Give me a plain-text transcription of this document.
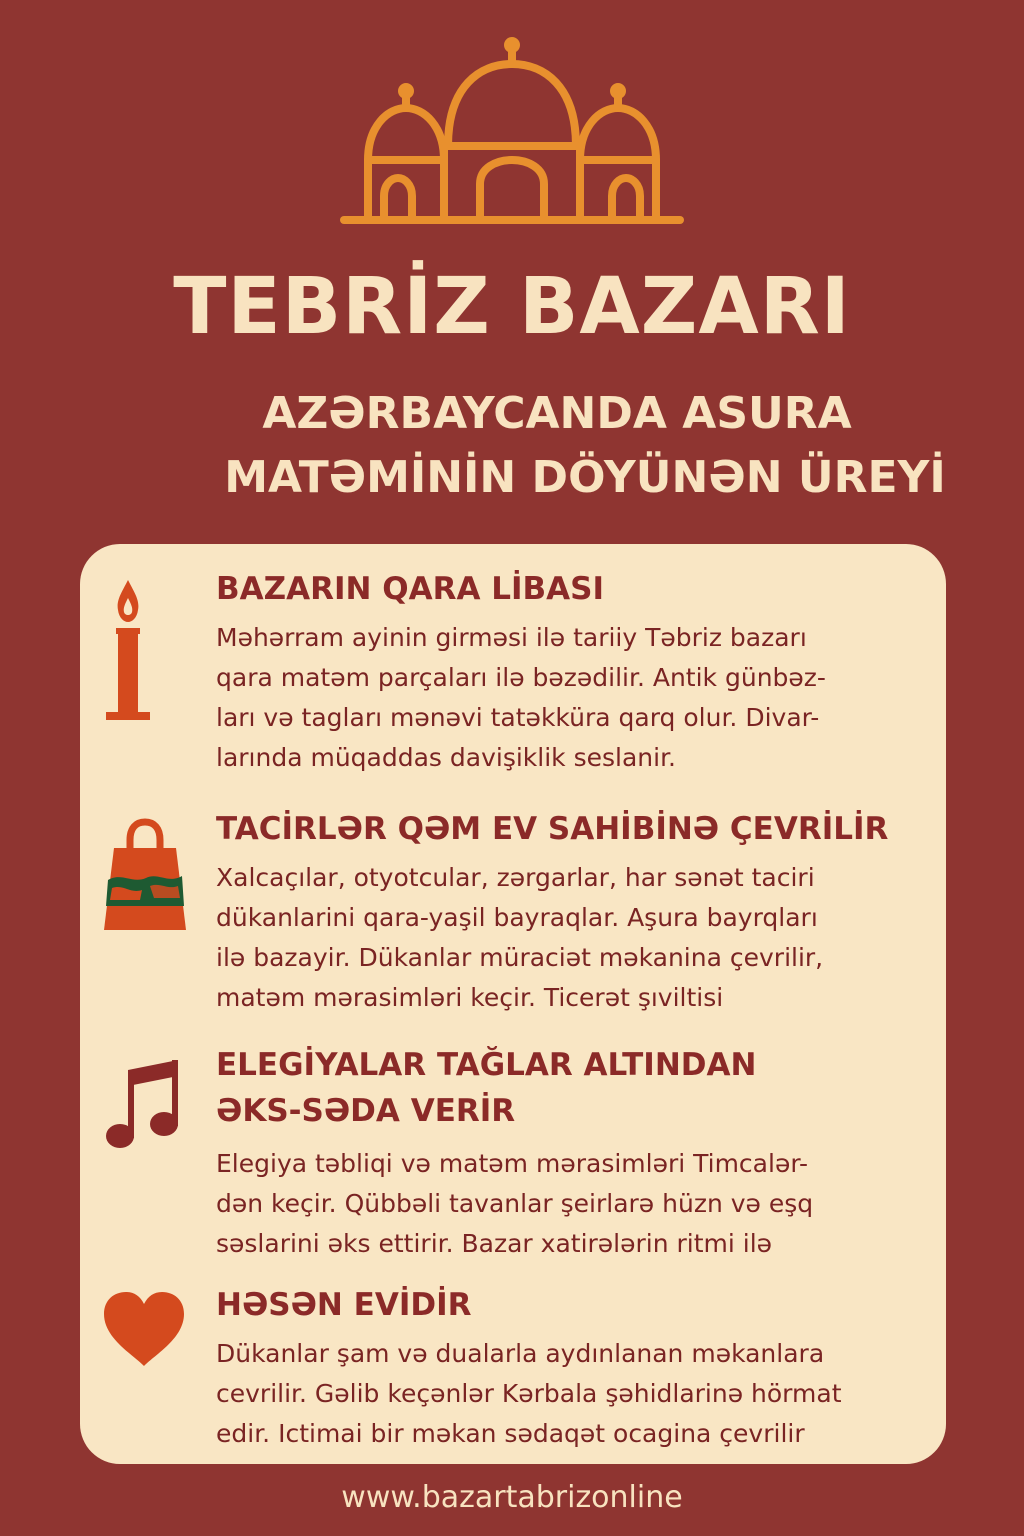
TEBRİZ BAZARI
AZƏRBAYCANDA ASURA
MATƏMİNİN DÖYÜNƏN ÜREYİ
BAZARIN QARA LİBASI

Məhərram ayinin girməsi ilə tariiy Təbriz bazarı
qara matəm parçaları ilə bəzədilir. Antik günbəz-
ları və tagları mənəvi tatəkküra qarq olur. Divar-
larında müqaddas davişiklik seslanir.

TACİRLƏR QƏM EV SAHİBİNƏ ÇEVRİLİR

Xalcaçılar, otyotcular, zərgarlar, har sənət taciri
dükanlarini qara-yaşil bayraqlar. Aşura bayrqları
ilə bazayir. Dükanlar müraciət məkanina çevrilir,
matəm mərasimləri keçir. Ticerət şıviltisi

ELEGİYALAR TAĞLAR ALTINDAN
ƏKS-SƏDA VERİR

Elegiya təbliqi və matəm mərasimləri Timcalər-
dən keçir. Qübbəli tavanlar şeirlarə hüzn və eşq
səslarini əks ettirir. Bazar xatirələrin ritmi ilə

HƏSƏN EVİDİR

Dükanlar şam və dualarla aydınlanan məkanlara
cevrilir. Gəlib keçənlər Kərbala şəhidlarinə hörmat
edir. Ictimai bir məkan sədaqət ocagina çevrilir

www.bazartabrizonline
